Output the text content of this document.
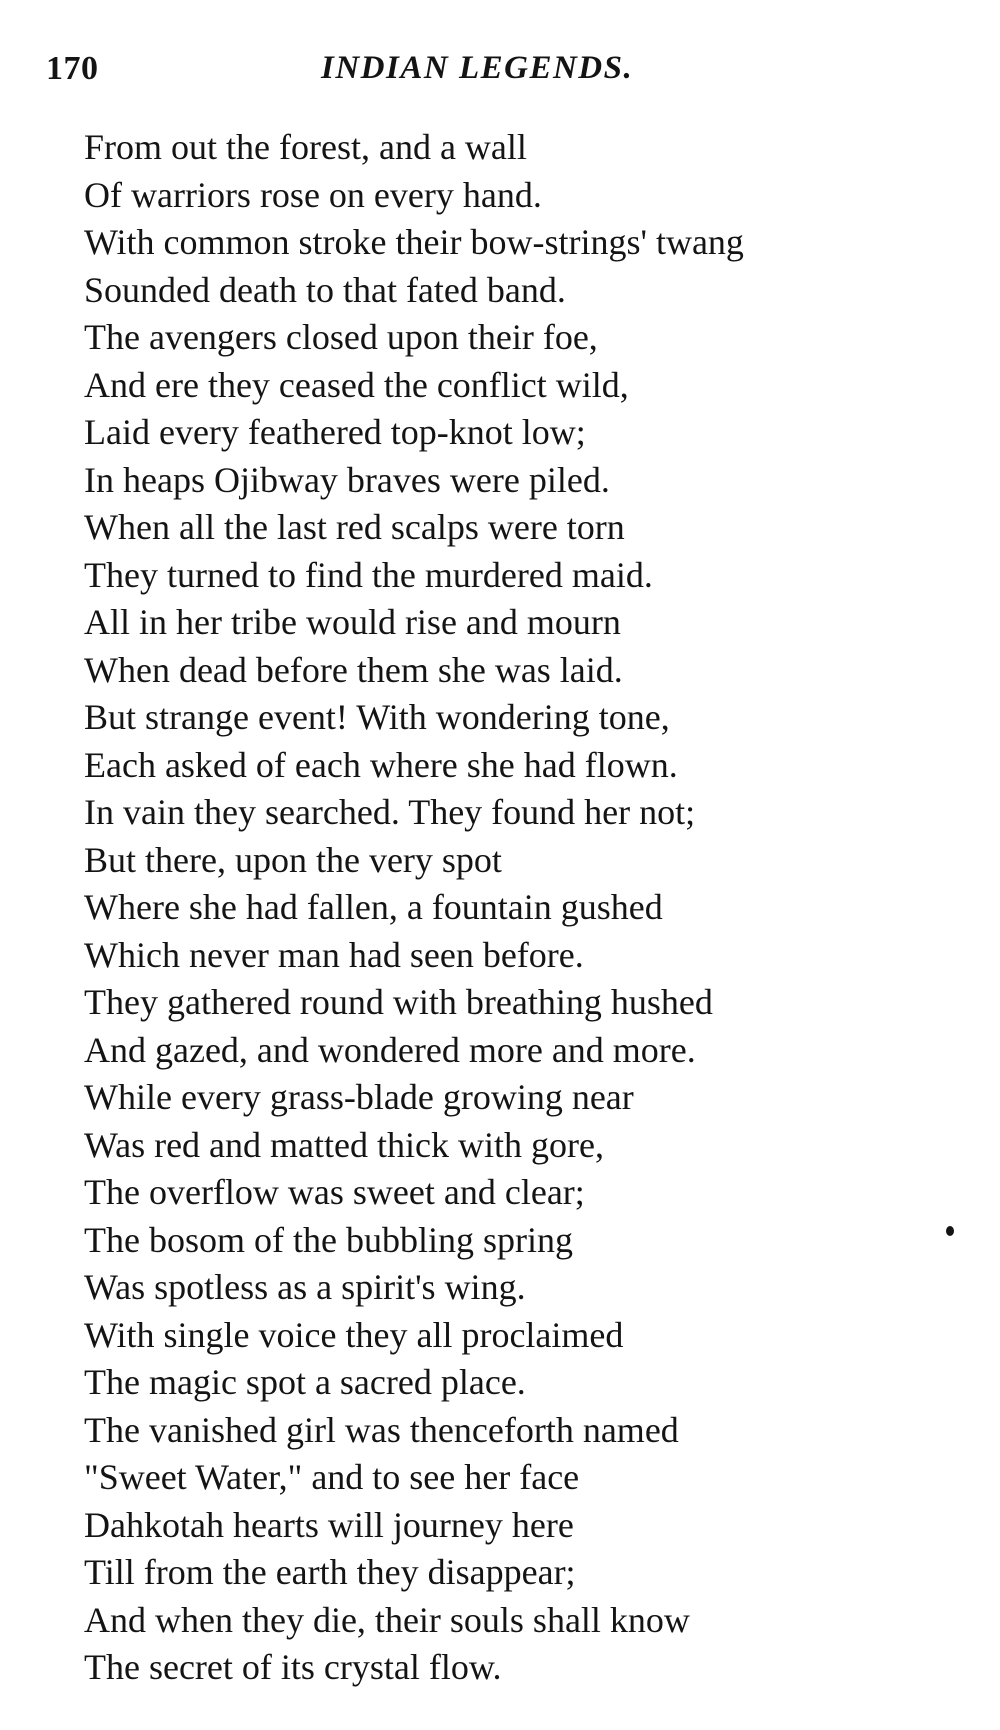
170	INDIAN LEGENDS.
From out the forest, and a wall
Of warriors rose on every hand.
With common stroke their bow-strings' twang
Sounded death to that fated band.
The avengers closed upon their foe,
And ere they ceased the conflict wild,
Laid every feathered top-knot low;
In heaps Ojibway braves were piled.
When all the last red scalps were torn
They turned to find the murdered maid.
All in her tribe would rise and mourn
When dead before them she was laid.
But strange event! With wondering tone,
Each asked of each where she had flown.
In vain they searched. They found her not;
But there, upon the very spot
Where she had fallen, a fountain gushed
Which never man had seen before.
They gathered round with breathing hushed
And gazed, and wondered more and more.
While every grass-blade growing near
Was red and matted thick with gore,
The overflow was sweet and clear;
The bosom of the bubbling spring
Was spotless as a spirit's wing.
With single voice they all proclaimed
The magic spot a sacred place.
The vanished girl was thenceforth named
"Sweet Water," and to see her face
Dahkotah hearts will journey here
Till from the earth they disappear;
And when they die, their souls shall know
The secret of its crystal flow.
